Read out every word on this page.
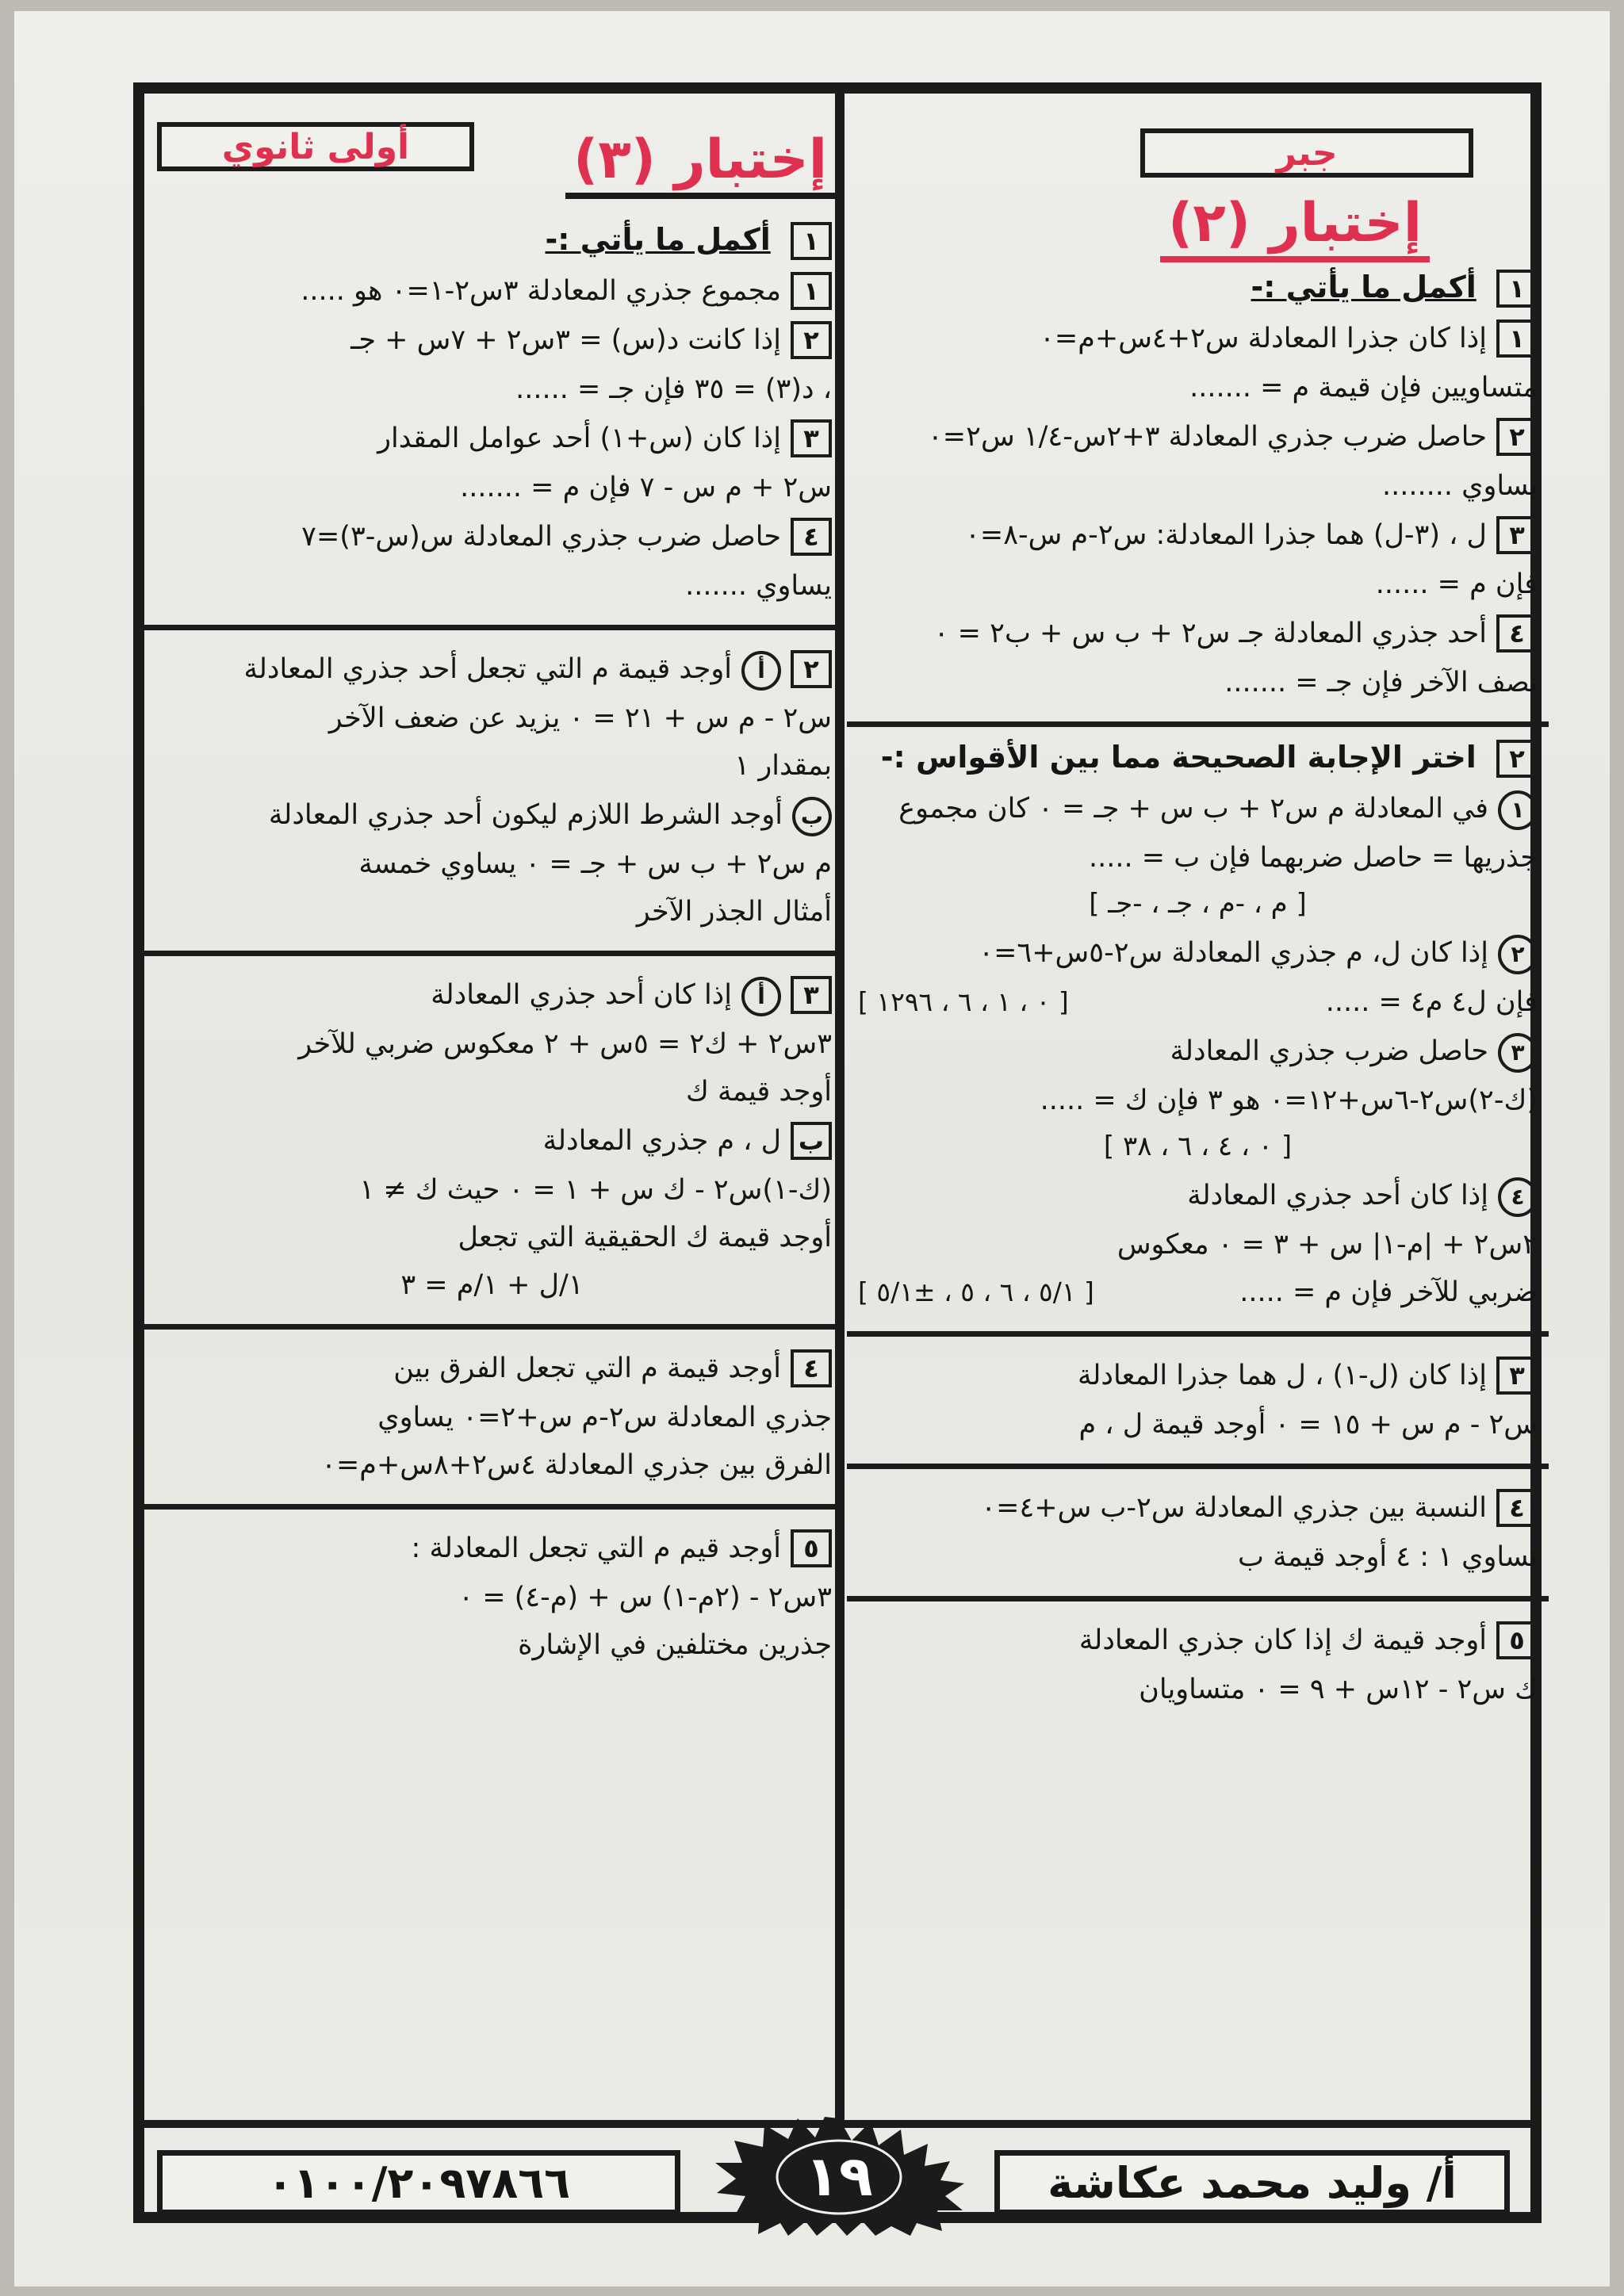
جبر
إختبار (٢)
١ أكمل ما يأتي :-
١إذا كان جذرا المعادلة س٢+٤س+م=٠
متساويين فإن قيمة م = .......
٢حاصل ضرب جذري المعادلة ٣+٢س-١/٤ س٢=٠
يساوي ........
٣ل ، (٣-ل) هما جذرا المعادلة: س٢-م س-٨=٠
فإن م = ......
٤أحد جذري المعادلة جـ س٢ + ب س + ب٢ = ٠
نصف الآخر فإن جـ = .......
٢ اختر الإجابة الصحيحة مما بين الأقواس :-
١في المعادلة م س٢ + ب س + جـ = ٠ كان مجموع
جذريها = حاصل ضربهما فإن ب = .....
[ م ، -م ، جـ ، -جـ ]
٢إذا كان ل، م جذري المعادلة س٢-٥س+٦=٠
فإن ل٤ م٤ = .....
[ ٠ ، ١ ، ٦ ، ١٢٩٦ ]
٣حاصل ضرب جذري المعادلة
(ك-٢)س٢-٦س+١٢=٠ هو ٣ فإن ك = .....
[ ٠ ، ٤ ، ٦ ، ٣٨ ]
٤إذا كان أحد جذري المعادلة
٢س٢ + |م-١| س + ٣ = ٠ معكوس
ضربي للآخر فإن م = .....
[ ٥/١ ، ٦ ، ٥ ، ±٥/١ ]
٣إذا كان (ل-١) ، ل هما جذرا المعادلة
س٢ - م س + ١٥ = ٠ أوجد قيمة ل ، م
٤النسبة بين جذري المعادلة س٢-ب س+٤=٠
تساوي ١ : ٤ أوجد قيمة ب
٥أوجد قيمة ك إذا كان جذري المعادلة
ك س٢ - ١٢س + ٩ = ٠ متساويان
أولى ثانوي	إختبار (٣)
١ أكمل ما يأتي :-
١مجموع جذري المعادلة ٣س٢-١=٠ هو .....
٢إذا كانت د(س) = ٣س٢ + ٧س + جـ
، د(٣) = ٣٥ فإن جـ = ......
٣إذا كان (س+١) أحد عوامل المقدار
س٢ + م س - ٧ فإن م = .......
٤حاصل ضرب جذري المعادلة س(س-٣)=٧
يساوي .......
٢أأوجد قيمة م التي تجعل أحد جذري المعادلة
س٢ - م س + ٢١ = ٠ يزيد عن ضعف الآخر
بمقدار ١
بأوجد الشرط اللازم ليكون أحد جذري المعادلة
م س٢ + ب س + جـ = ٠ يساوي خمسة
أمثال الجذر الآخر
٣أإذا كان أحد جذري المعادلة
٣س٢ + ك٢ = ٥س + ٢ معكوس ضربي للآخر
أوجد قيمة ك
بل ، م جذري المعادلة
(ك-١)س٢ - ك س + ١ = ٠ حيث ك ≠ ١
أوجد قيمة ك الحقيقية التي تجعل
١/ل + ١/م = ٣
٤أوجد قيمة م التي تجعل الفرق بين
جذري المعادلة س٢-م س+٢=٠ يساوي
الفرق بين جذري المعادلة ٤س٢+٨س+م=٠
٥أوجد قيم م التي تجعل المعادلة :
٣س٢ - (٢م-١) س + (م-٤) = ٠
جذرين مختلفين في الإشارة
أ/ وليد محمد عكاشة
١٩
٠١٠٠/٢٠٩٧٨٦٦
